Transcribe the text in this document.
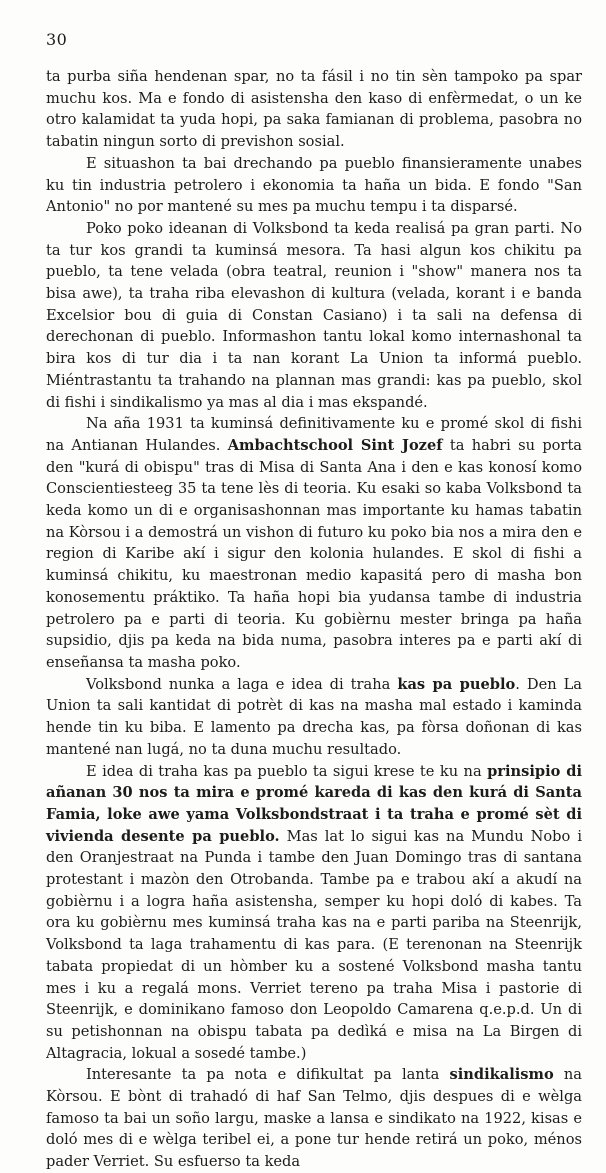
30

ta purba siña hendenan spar, no ta fásil i no tin sèn tampoko pa spar muchu kos. Ma e fondo di asistensha den kaso di enfèrmedat, o un ke otro kalamidat ta yuda hopi, pa saka famianan di problema, pasobra no tabatin ningun sorto di previshon sosial.

E situashon ta bai drechando pa pueblo finansieramente unabes ku tin industria petrolero i ekonomia ta haña un bida. E fondo "San Antonio" no por mantené su mes pa muchu tempu i ta disparsé.

Poko poko ideanan di Volksbond ta keda realisá pa gran parti. No ta tur kos grandi ta kuminsá mesora. Ta hasi algun kos chikitu pa pueblo, ta tene velada (obra teatral, reunion i "show" manera nos ta bisa awe), ta traha riba elevashon di kultura (velada, korant i e banda Excelsior bou di guia di Constan Casiano) i ta sali na defensa di derechonan di pueblo. Informashon tantu lokal komo internashonal ta bira kos di tur dia i ta nan korant La Union ta informá pueblo. Miéntrastantu ta trahando na plannan mas grandi: kas pa pueblo, skol di fishi i sindikalismo ya mas al dia i mas ekspandé.

Na aña 1931 ta kuminsá definitivamente ku e promé skol di fishi na Antianan Hulandes. Ambachtschool Sint Jozef ta habri su porta den "kurá di obispu" tras di Misa di Santa Ana i den e kas konosí komo Conscientiesteeg 35 ta tene lès di teoria. Ku esaki so kaba Volksbond ta keda komo un di e organisashonnan mas importante ku hamas tabatin na Kòrsou i a demostrá un vishon di futuro ku poko bia nos a mira den e region di Karibe akí i sigur den kolonia hulandes. E skol di fishi a kuminsá chikitu, ku maestronan medio kapasitá pero di masha bon konosementu práktiko. Ta haña hopi bia yudansa tambe di industria petrolero pa e parti di teoria. Ku gobièrnu mester bringa pa haña supsidio, djis pa keda na bida numa, pasobra interes pa e parti akí di enseñansa ta masha poko.

Volksbond nunka a laga e idea di traha kas pa pueblo. Den La Union ta sali kantidat di potrèt di kas na masha mal estado i kaminda hende tin ku biba. E lamento pa drecha kas, pa fòrsa doñonan di kas mantené nan lugá, no ta duna muchu resultado.

E idea di traha kas pa pueblo ta sigui krese te ku na prinsipio di añanan 30 nos ta mira e promé kareda di kas den kurá di Santa Famia, loke awe yama Volksbondstraat i ta traha e promé sèt di vivienda desente pa pueblo. Mas lat lo sigui kas na Mundu Nobo i den Oranjestraat na Punda i tambe den Juan Domingo tras di santana protestant i mazòn den Otrobanda. Tambe pa e trabou akí a akudí na gobièrnu i a logra haña asistensha, semper ku hopi doló di kabes. Ta ora ku gobièrnu mes kuminsá traha kas na e parti pariba na Steenrijk, Volksbond ta laga trahamentu di kas para. (E terenonan na Steenrijk tabata propiedat di un hòmber ku a sostené Volksbond masha tantu mes i ku a regalá mons. Verriet tereno pa traha Misa i pastorie di Steenrijk, e dominikano famoso don Leopoldo Camarena q.e.p.d. Un di su petishonnan na obispu tabata pa dedìká e misa na La Birgen di Altagracia, lokual a sosedé tambe.)

Interesante ta pa nota e difikultat pa lanta sindikalismo na Kòrsou. E bònt di trahadó di haf San Telmo, djis despues di e wèlga famoso ta bai un soño largu, maske a lansa e sindikato na 1922, kisas e doló mes di e wèlga teribel ei, a pone tur hende retirá un poko, ménos pader Verriet. Su esfuerso ta keda
